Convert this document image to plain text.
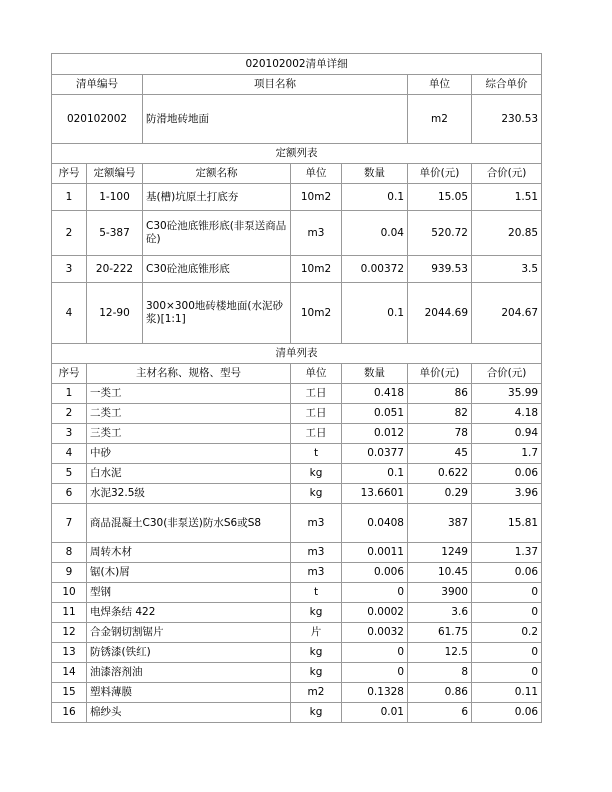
020102002清单详细						
清单编号		项目名称			单位	综合单价
020102002		防滑地砖地面			m2	230.53
定额列表						
序号	定额编号	定额名称	单位	数量	单价(元)	合价(元)
1	1-100	基(槽)坑原土打底夯	10m2	0.1	15.05	1.51
2	5-387	C30砼池底锥形底(非泵送商品砼)	m3	0.04	520.72	20.85
3	20-222	C30砼池底锥形底	10m2	0.00372	939.53	3.5
4	12-90	300×300地砖楼地面(水泥砂浆)[1:1]	10m2	0.1	2044.69	204.67
清单列表						
序号	主材名称、规格、型号		单位	数量	单价(元)	合价(元)
1	一类工		工日	0.418	86	35.99
2	二类工		工日	0.051	82	4.18
3	三类工		工日	0.012	78	0.94
4	中砂		t	0.0377	45	1.7
5	白水泥		kg	0.1	0.622	0.06
6	水泥32.5级		kg	13.6601	0.29	3.96
7	商品混凝土C30(非泵送)防水S6或S8		m3	0.0408	387	15.81
8	周转木材		m3	0.0011	1249	1.37
9	锯(木)屑		m3	0.006	10.45	0.06
10	型钢		t	0	3900	0
11	电焊条结 422		kg	0.0002	3.6	0
12	合金钢切割锯片		片	0.0032	61.75	0.2
13	防锈漆(铁红)		kg	0	12.5	0
14	油漆溶剂油		kg	0	8	0
15	塑料薄膜		m2	0.1328	0.86	0.11
16	棉纱头		kg	0.01	6	0.06
